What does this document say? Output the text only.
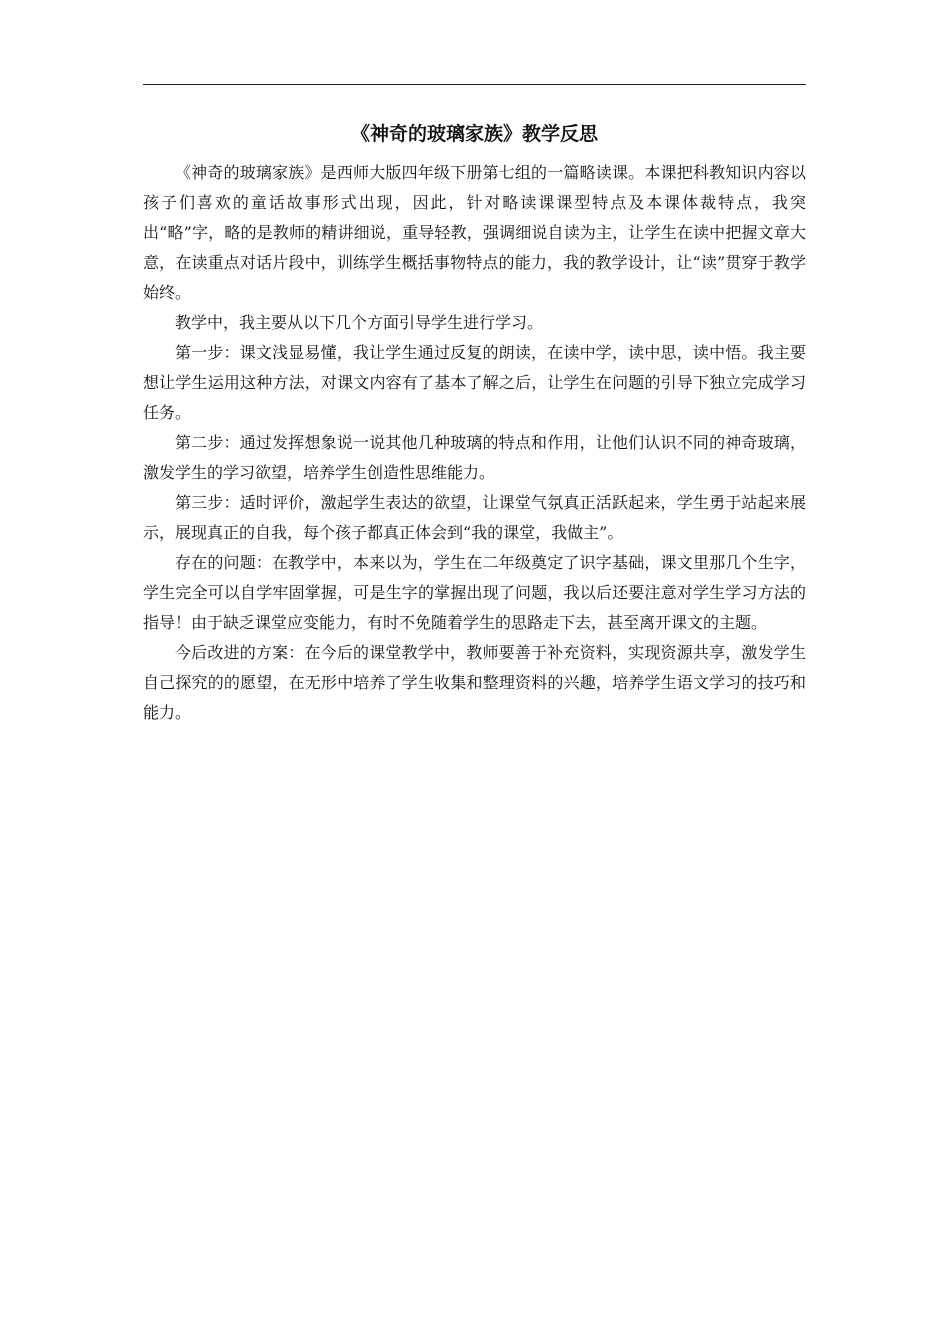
《神奇的玻璃家族》教学反思

《神奇的玻璃家族》是西师大版四年级下册第七组的一篇略读课。本课把科教知识内容以孩子们喜欢的童话故事形式出现，因此，针对略读课课型特点及本课体裁特点，我突出“略”字，略的是教师的精讲细说，重导轻教，强调细说自读为主，让学生在读中把握文章大意，在读重点对话片段中，训练学生概括事物特点的能力，我的教学设计，让“读”贯穿于教学始终。

教学中，我主要从以下几个方面引导学生进行学习。

第一步：课文浅显易懂，我让学生通过反复的朗读，在读中学，读中思，读中悟。我主要想让学生运用这种方法，对课文内容有了基本了解之后，让学生在问题的引导下独立完成学习任务。

第二步：通过发挥想象说一说其他几种玻璃的特点和作用，让他们认识不同的神奇玻璃，激发学生的学习欲望，培养学生创造性思维能力。

第三步：适时评价，激起学生表达的欲望，让课堂气氛真正活跃起来，学生勇于站起来展示，展现真正的自我，每个孩子都真正体会到“我的课堂，我做主”。

存在的问题：在教学中，本来以为，学生在二年级奠定了识字基础，课文里那几个生字，学生完全可以自学牢固掌握，可是生字的掌握出现了问题，我以后还要注意对学生学习方法的指导！由于缺乏课堂应变能力，有时不免随着学生的思路走下去，甚至离开课文的主题。

今后改进的方案：在今后的课堂教学中，教师要善于补充资料，实现资源共享，激发学生自己探究的的愿望，在无形中培养了学生收集和整理资料的兴趣，培养学生语文学习的技巧和能力。
